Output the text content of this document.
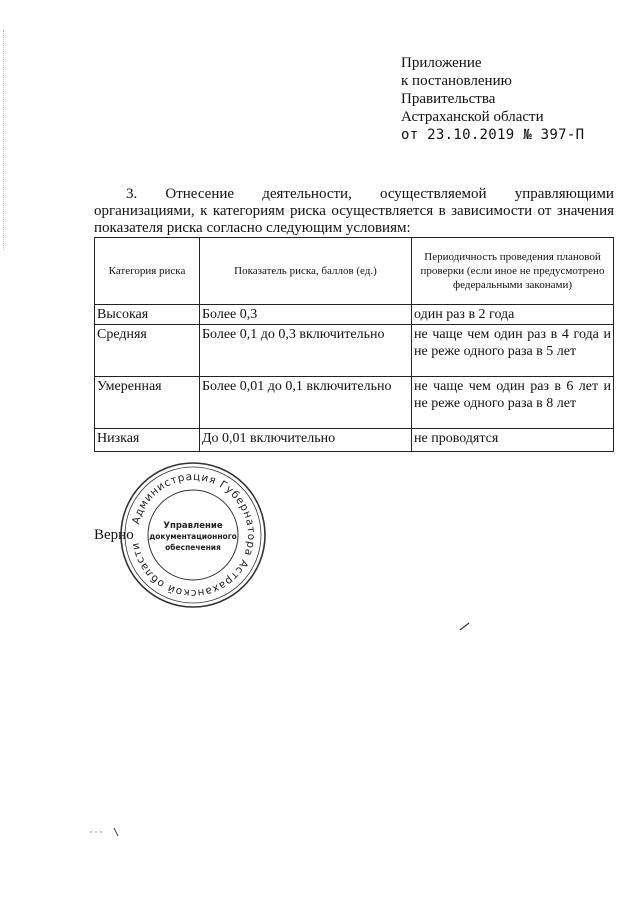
Приложение
к постановлению
Правительства
Астраханской области
от 23.10.2019 № 397-П
3. Отнесение деятельности, осуществляемой управляющими
организациями, к категориям риска осуществляется в зависимости от значения показателя риска согласно следующим условиям:
Категория риска	Показатель риска, баллов (ед.)	Периодичность проведения плановой проверки (если иное не предусмотрено федеральными законами)
Высокая	Более 0,3	один раз в 2 года
Средняя	Более 0,1 до 0,3 включительно	не чаще чем один раз в 4 года и не реже одного раза в 5 лет
Умеренная	Более 0,01 до 0,1 включительно	не чаще чем один раз в 6 лет и не реже одного раза в 8 лет
Низкая	До 0,01 включительно	не проводятся
Верно
Администрация Губернатора Астраханской области
Управление
документационного
обеспечения
